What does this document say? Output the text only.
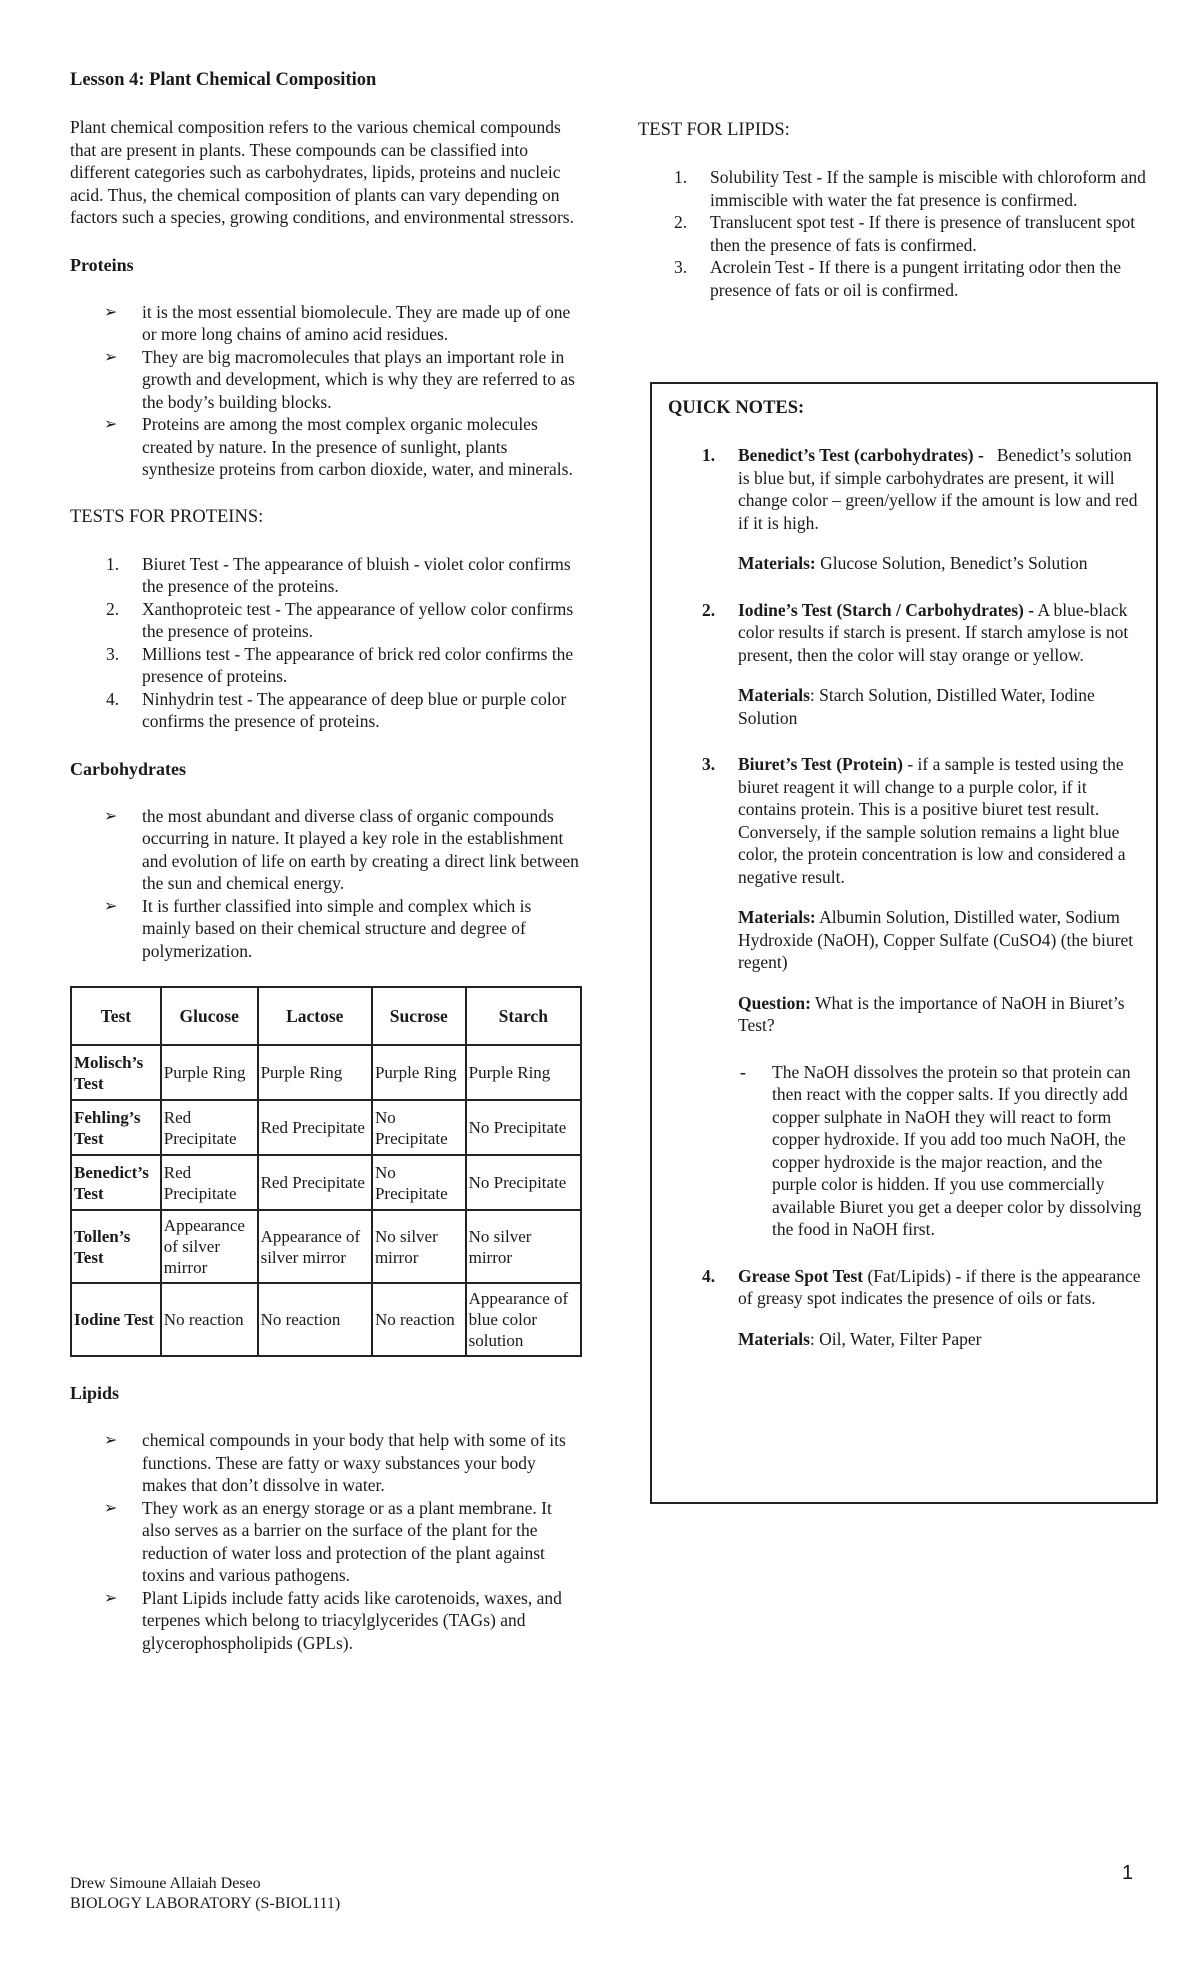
Lesson 4: Plant Chemical Composition

Plant chemical composition refers to the various chemical compounds that are present in plants. These compounds can be classified into different categories such as carbohydrates, lipids, proteins and nucleic acid. Thus, the chemical composition of plants can vary depending on factors such a species, growing conditions, and environmental stressors.

Proteins

➢ it is the most essential biomolecule. They are made up of one or more long chains of amino acid residues.
➢ They are big macromolecules that plays an important role in growth and development, which is why they are referred to as the body’s building blocks.
➢ Proteins are among the most complex organic molecules created by nature. In the presence of sunlight, plants synthesize proteins from carbon dioxide, water, and minerals.

TESTS FOR PROTEINS:

1. Biuret Test - The appearance of bluish - violet color confirms the presence of the proteins.
2. Xanthoproteic test - The appearance of yellow color confirms the presence of proteins.
3. Millions test - The appearance of brick red color confirms the presence of proteins.
4. Ninhydrin test - The appearance of deep blue or purple color confirms the presence of proteins.

Carbohydrates

➢ the most abundant and diverse class of organic compounds occurring in nature. It played a key role in the establishment and evolution of life on earth by creating a direct link between the sun and chemical energy.
➢ It is further classified into simple and complex which is mainly based on their chemical structure and degree of polymerization.
Test	Glucose	Lactose	Sucrose	Starch
Molisch’s Test	Purple Ring	Purple Ring	Purple Ring	Purple Ring
Fehling’s Test	Red Precipitate	Red Precipitate	No Precipitate	No Precipitate
Benedict’s Test	Red Precipitate	Red Precipitate	No Precipitate	No Precipitate
Tollen’s Test	Appearance of silver mirror	Appearance of silver mirror	No silver mirror	No silver mirror
Iodine Test	No reaction	No reaction	No reaction	Appearance of blue color solution

Lipids

➢ chemical compounds in your body that help with some of its functions. These are fatty or waxy substances your body makes that don’t dissolve in water.
➢ They work as an energy storage or as a plant membrane. It also serves as a barrier on the surface of the plant for the reduction of water loss and protection of the plant against toxins and various pathogens.
➢ Plant Lipids include fatty acids like carotenoids, waxes, and terpenes which belong to triacylglycerides (TAGs) and glycerophospholipids (GPLs).

TEST FOR LIPIDS:

1. Solubility Test - If the sample is miscible with chloroform and immiscible with water the fat presence is confirmed.
2. Translucent spot test - If there is presence of translucent spot then the presence of fats is confirmed.
3. Acrolein Test - If there is a pungent irritating odor then the presence of fats or oil is confirmed.

QUICK NOTES:

1. Benedict’s Test (carbohydrates) - Benedict’s solution is blue but, if simple carbohydrates are present, it will change color – green/yellow if the amount is low and red if it is high.

Materials: Glucose Solution, Benedict’s Solution

2. Iodine’s Test (Starch / Carbohydrates) - A blue-black color results if starch is present. If starch amylose is not present, then the color will stay orange or yellow.

Materials: Starch Solution, Distilled Water, Iodine Solution

3. Biuret’s Test (Protein) - if a sample is tested using the biuret reagent it will change to a purple color, if it contains protein. This is a positive biuret test result. Conversely, if the sample solution remains a light blue color, the protein concentration is low and considered a negative result.

Materials: Albumin Solution, Distilled water, Sodium Hydroxide (NaOH), Copper Sulfate (CuSO4) (the biuret regent)

Question: What is the importance of NaOH in Biuret’s Test?

- The NaOH dissolves the protein so that protein can then react with the copper salts. If you directly add copper sulphate in NaOH they will react to form copper hydroxide. If you add too much NaOH, the copper hydroxide is the major reaction, and the purple color is hidden. If you use commercially available Biuret you get a deeper color by dissolving the food in NaOH first.
4. Grease Spot Test (Fat/Lipids) - if there is the appearance of greasy spot indicates the presence of oils or fats.

Materials: Oil, Water, Filter Paper

Drew Simoune Allaiah Deseo

BIOLOGY LABORATORY (S-BIOL111)

1
